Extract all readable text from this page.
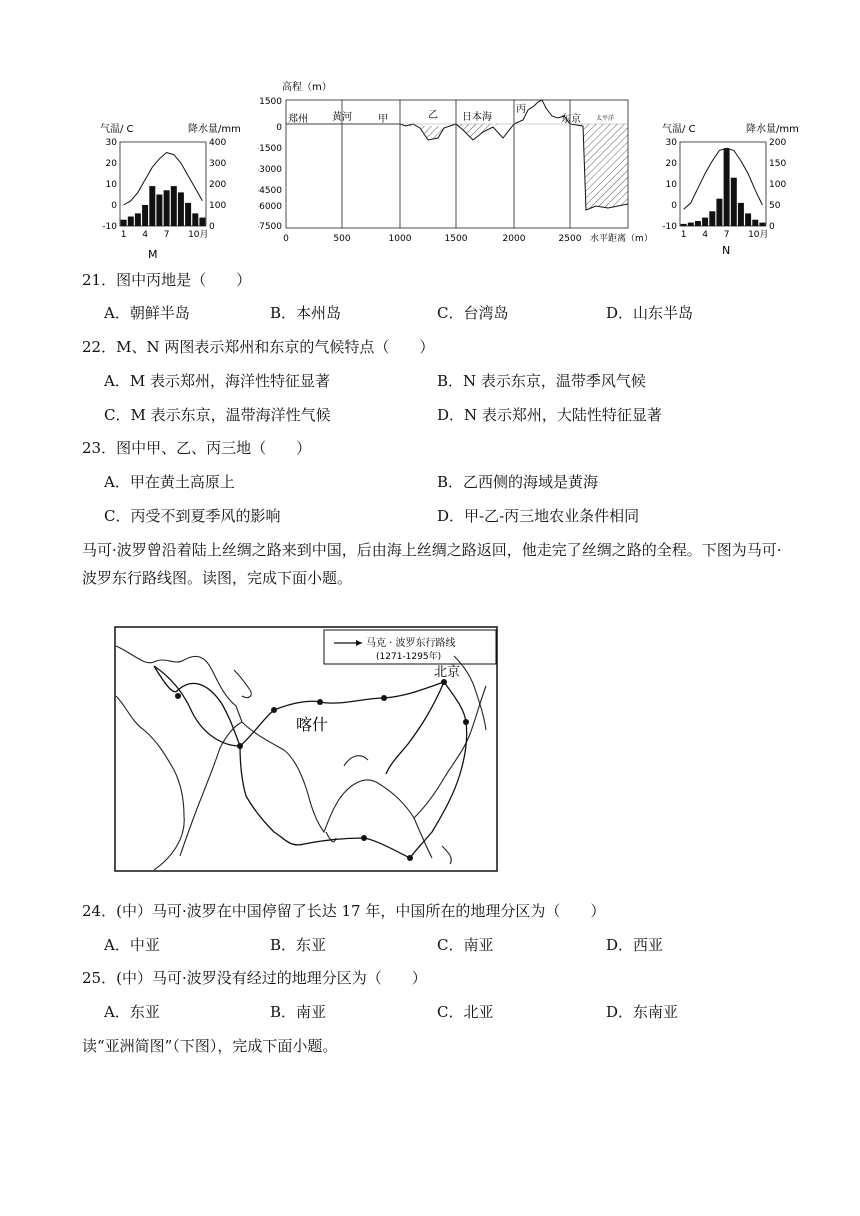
气温/ C	降水量/mm
30
20
10
0
-10
400
300
200
100
0
1 4 7 10月
M
高程（m）
1500
0
-1500
-3000
-4500
-6000
-7500
郑州 黄河	甲	乙 日本海
丙
东京	太平洋
0	500	1000	1500	2000	2500 水平距离（m）
气温/ C	降水量/mm
30
20
10
0
-10
200
150
100
50
0
1 4 7 10月
N
21．图中丙地是（　　）
A．朝鲜半岛	B．本州岛	C．台湾岛	D．山东半岛
22．M、N 两图表示郑州和东京的气候特点（　　）
A．M 表示郑州，海洋性特征显著	B．N 表示东京，温带季风气候
C．M 表示东京，温带海洋性气候	D．N 表示郑州，大陆性特征显著
23．图中甲、乙、丙三地（　　）
A．甲在黄土高原上	B．乙西侧的海域是黄海
C．丙受不到夏季风的影响	D．甲-乙-丙三地农业条件相同
马可·波罗曾沿着陆上丝绸之路来到中国，后由海上丝绸之路返回，他走完了丝绸之路的全程。下图为马可·波罗东行路线图。读图，完成下面小题。
马克 · 波罗东行路线
(1271-1295年)
喀什
北京
24．(中）马可·波罗在中国停留了长达 17 年，中国所在的地理分区为（　　）
A．中亚	B．东亚	C．南亚	D．西亚
25．(中）马可·波罗没有经过的地理分区为（　　）
A．东亚	B．南亚	C．北亚	D．东南亚
读“亚洲简图”（下图），完成下面小题。
